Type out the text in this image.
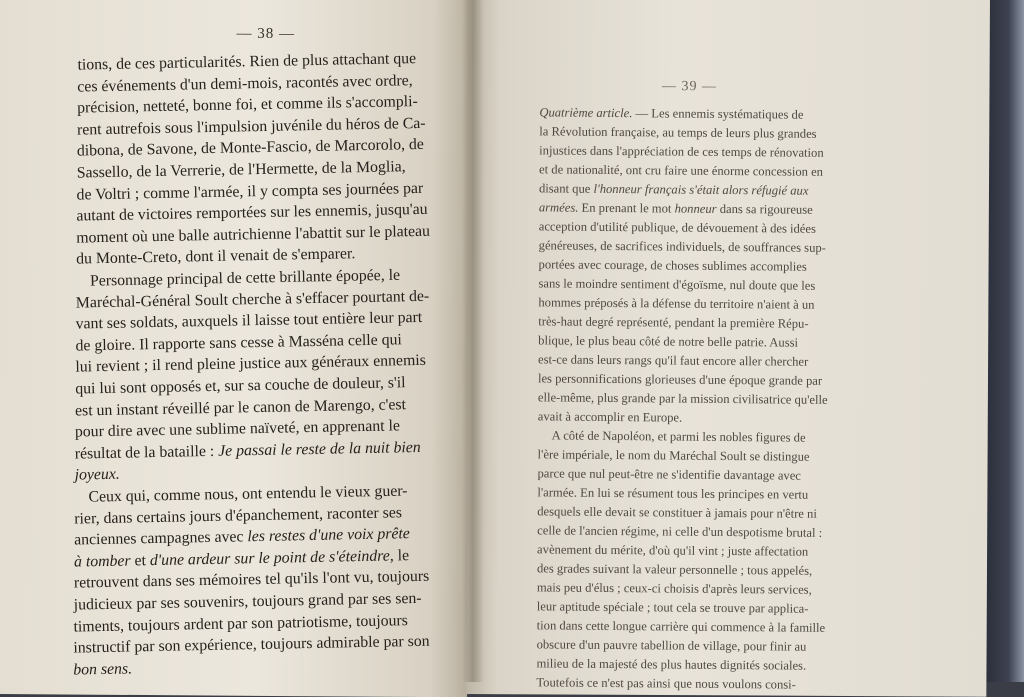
— 38 —
tions, de ces particularités. Rien de plus attachant que
ces événements d'un demi-mois, racontés avec ordre,
précision, netteté, bonne foi, et comme ils s'accompli-
rent autrefois sous l'impulsion juvénile du héros de Ca-
dibona, de Savone, de Monte-Fascio, de Marcorolo, de
Sassello, de la Verrerie, de l'Hermette, de la Moglia,
de Voltri ; comme l'armée, il y compta ses journées par
autant de victoires remportées sur les ennemis, jusqu'au
moment où une balle autrichienne l'abattit sur le plateau
du Monte-Creto, dont il venait de s'emparer.
Personnage principal de cette brillante épopée, le
Maréchal-Général Soult cherche à s'effacer pourtant de-
vant ses soldats, auxquels il laisse tout entière leur part
de gloire. Il rapporte sans cesse à Masséna celle qui
lui revient ; il rend pleine justice aux généraux ennemis
qui lui sont opposés et, sur sa couche de douleur, s'il
est un instant réveillé par le canon de Marengo, c'est
pour dire avec une sublime naïveté, en apprenant le
résultat de la bataille : Je passai le reste de la nuit bien
joyeux.
Ceux qui, comme nous, ont entendu le vieux guer-
rier, dans certains jours d'épanchement, raconter ses
anciennes campagnes avec les restes d'une voix prête
à tomber et d'une ardeur sur le point de s'éteindre, le
retrouvent dans ses mémoires tel qu'ils l'ont vu, toujours
judicieux par ses souvenirs, toujours grand par ses sen-
timents, toujours ardent par son patriotisme, toujours
instructif par son expérience, toujours admirable par son
bon sens.
— 39 —
Quatrième article. — Les ennemis systématiques de
la Révolution française, au temps de leurs plus grandes
injustices dans l'appréciation de ces temps de rénovation
et de nationalité, ont cru faire une énorme concession en
disant que l'honneur français s'était alors réfugié aux
armées. En prenant le mot honneur dans sa rigoureuse
acception d'utilité publique, de dévouement à des idées
généreuses, de sacrifices individuels, de souffrances sup-
portées avec courage, de choses sublimes accomplies
sans le moindre sentiment d'égoïsme, nul doute que les
hommes préposés à la défense du territoire n'aient à un
très-haut degré représenté, pendant la première Répu-
blique, le plus beau côté de notre belle patrie. Aussi
est-ce dans leurs rangs qu'il faut encore aller chercher
les personnifications glorieuses d'une époque grande par
elle-même, plus grande par la mission civilisatrice qu'elle
avait à accomplir en Europe.
A côté de Napoléon, et parmi les nobles figures de
l'ère impériale, le nom du Maréchal Soult se distingue
parce que nul peut-être ne s'identifie davantage avec
l'armée. En lui se résument tous les principes en vertu
desquels elle devait se constituer à jamais pour n'être ni
celle de l'ancien régime, ni celle d'un despotisme brutal :
avènement du mérite, d'où qu'il vint ; juste affectation
des grades suivant la valeur personnelle ; tous appelés,
mais peu d'élus ; ceux-ci choisis d'après leurs services,
leur aptitude spéciale ; tout cela se trouve par applica-
tion dans cette longue carrière qui commence à la famille
obscure d'un pauvre tabellion de village, pour finir au
milieu de la majesté des plus hautes dignités sociales.
Toutefois ce n'est pas ainsi que nous voulons consi-
